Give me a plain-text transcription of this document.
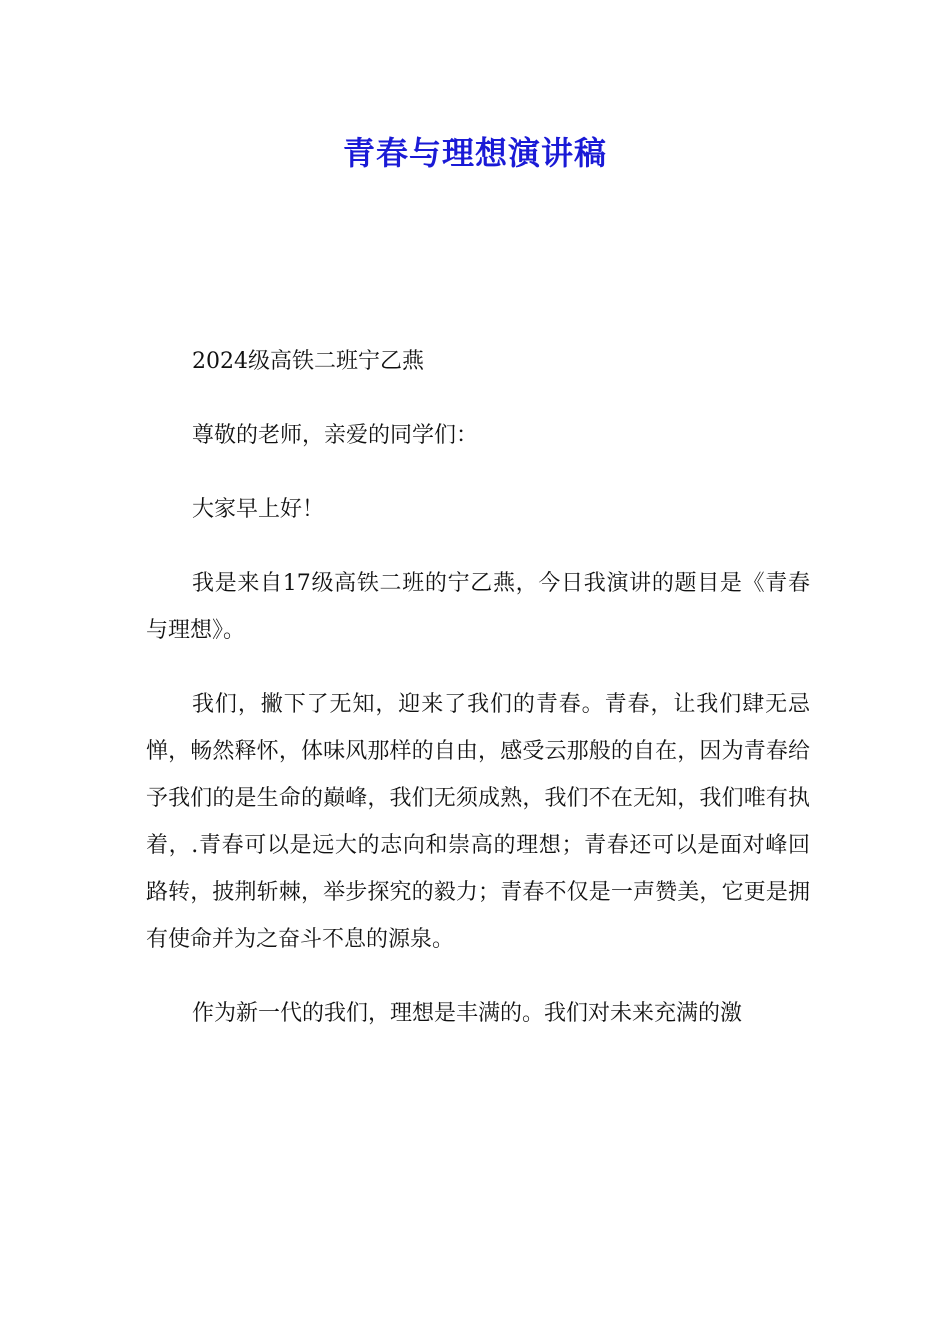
青春与理想演讲稿

2024级高铁二班宁乙燕

尊敬的老师，亲爱的同学们：

大家早上好！

我是来自17级高铁二班的宁乙燕，今日我演讲的题目是《青春与理想》。

我们，撇下了无知，迎来了我们的青春。青春，让我们肆无忌惮，畅然释怀，体味风那样的自由，感受云那般的自在，因为青春给予我们的是生命的巅峰，我们无须成熟，我们不在无知，我们唯有执着，.青春可以是远大的志向和崇高的理想；青春还可以是面对峰回路转，披荆斩棘，举步探究的毅力；青春不仅是一声赞美，它更是拥有使命并为之奋斗不息的源泉。

作为新一代的我们，理想是丰满的。我们对未来充满的激
